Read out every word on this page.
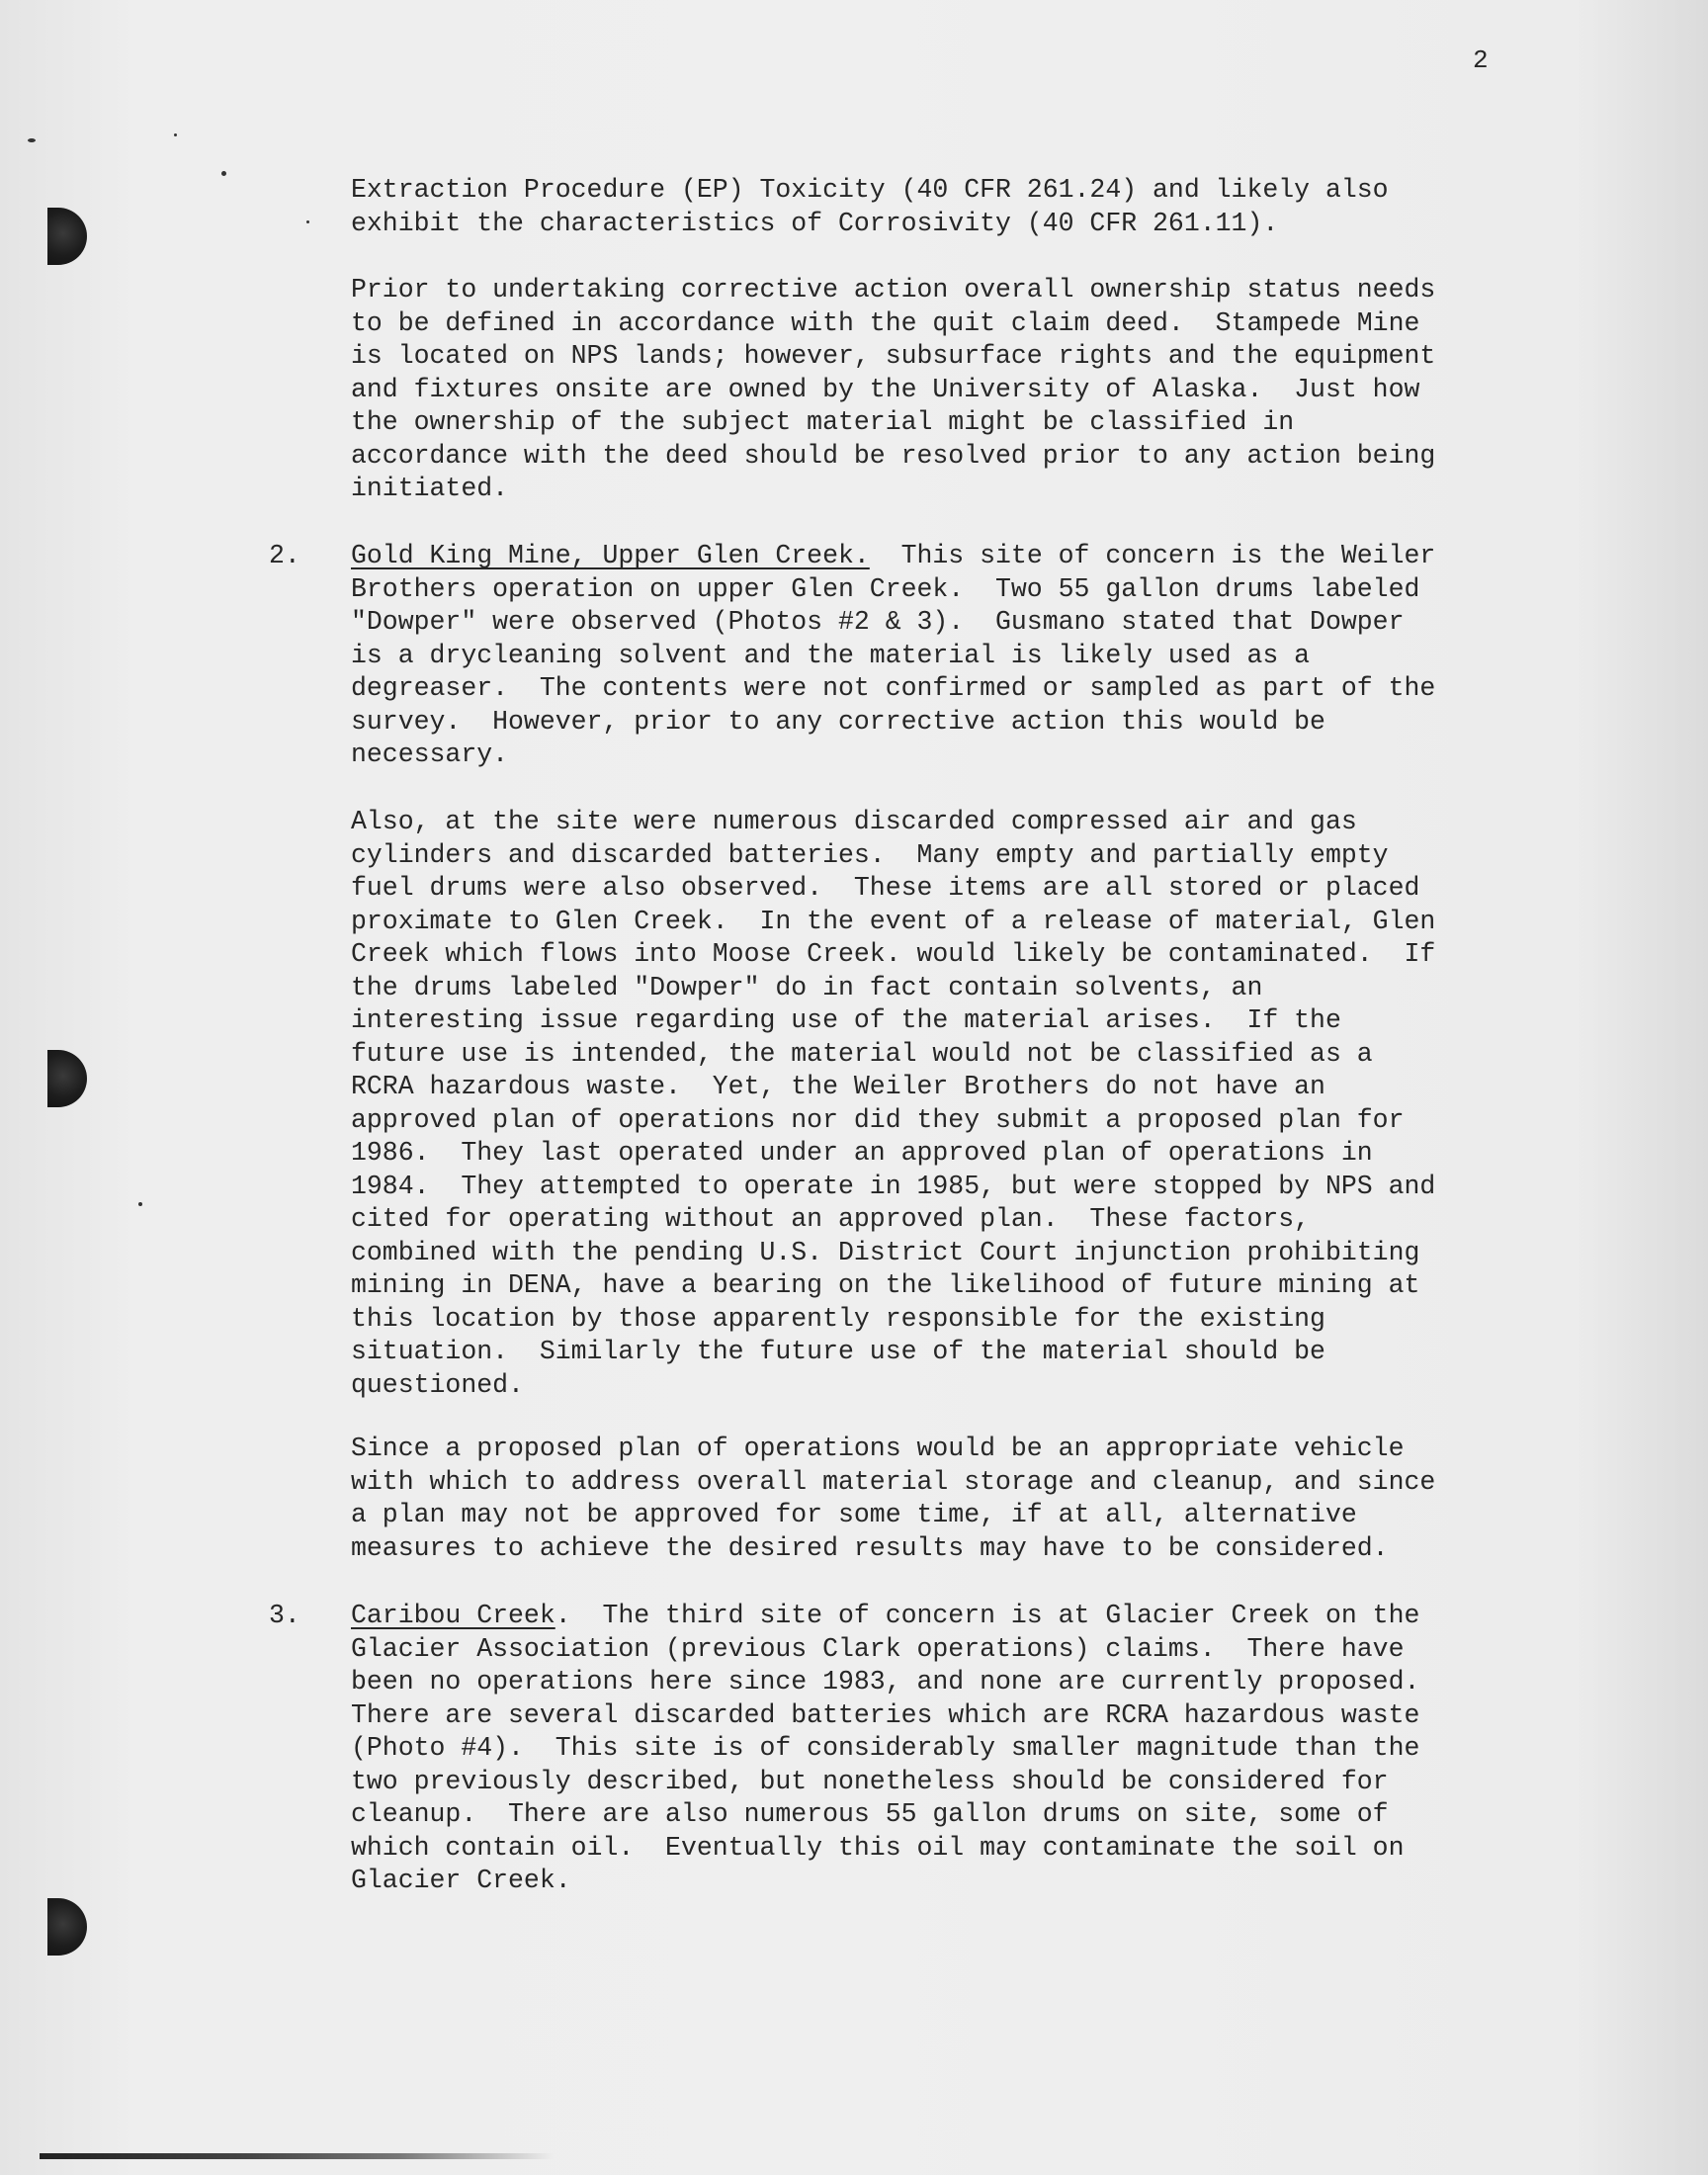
2

Extraction Procedure (EP) Toxicity (40 CFR 261.24) and likely also
exhibit the characteristics of Corrosivity (40 CFR 261.11).

Prior to undertaking corrective action overall ownership status needs
to be defined in accordance with the quit claim deed.  Stampede Mine
is located on NPS lands; however, subsurface rights and the equipment
and fixtures onsite are owned by the University of Alaska.  Just how
the ownership of the subject material might be classified in
accordance with the deed should be resolved prior to any action being
initiated.

2. Gold King Mine, Upper Glen Creek.  This site of concern is the Weiler
Brothers operation on upper Glen Creek.  Two 55 gallon drums labeled
"Dowper" were observed (Photos #2 & 3).  Gusmano stated that Dowper
is a drycleaning solvent and the material is likely used as a
degreaser.  The contents were not confirmed or sampled as part of the
survey.  However, prior to any corrective action this would be
necessary.

Also, at the site were numerous discarded compressed air and gas
cylinders and discarded batteries.  Many empty and partially empty
fuel drums were also observed.  These items are all stored or placed
proximate to Glen Creek.  In the event of a release of material, Glen
Creek which flows into Moose Creek. would likely be contaminated.  If
the drums labeled "Dowper" do in fact contain solvents, an
interesting issue regarding use of the material arises.  If the
future use is intended, the material would not be classified as a
RCRA hazardous waste.  Yet, the Weiler Brothers do not have an
approved plan of operations nor did they submit a proposed plan for
1986.  They last operated under an approved plan of operations in
1984.  They attempted to operate in 1985, but were stopped by NPS and
cited for operating without an approved plan.  These factors,
combined with the pending U.S. District Court injunction prohibiting
mining in DENA, have a bearing on the likelihood of future mining at
this location by those apparently responsible for the existing
situation.  Similarly the future use of the material should be
questioned.

Since a proposed plan of operations would be an appropriate vehicle
with which to address overall material storage and cleanup, and since
a plan may not be approved for some time, if at all, alternative
measures to achieve the desired results may have to be considered.

3. Caribou Creek.  The third site of concern is at Glacier Creek on the
Glacier Association (previous Clark operations) claims.  There have
been no operations here since 1983, and none are currently proposed.
There are several discarded batteries which are RCRA hazardous waste
(Photo #4).  This site is of considerably smaller magnitude than the
two previously described, but nonetheless should be considered for
cleanup.  There are also numerous 55 gallon drums on site, some of
which contain oil.  Eventually this oil may contaminate the soil on
Glacier Creek.
